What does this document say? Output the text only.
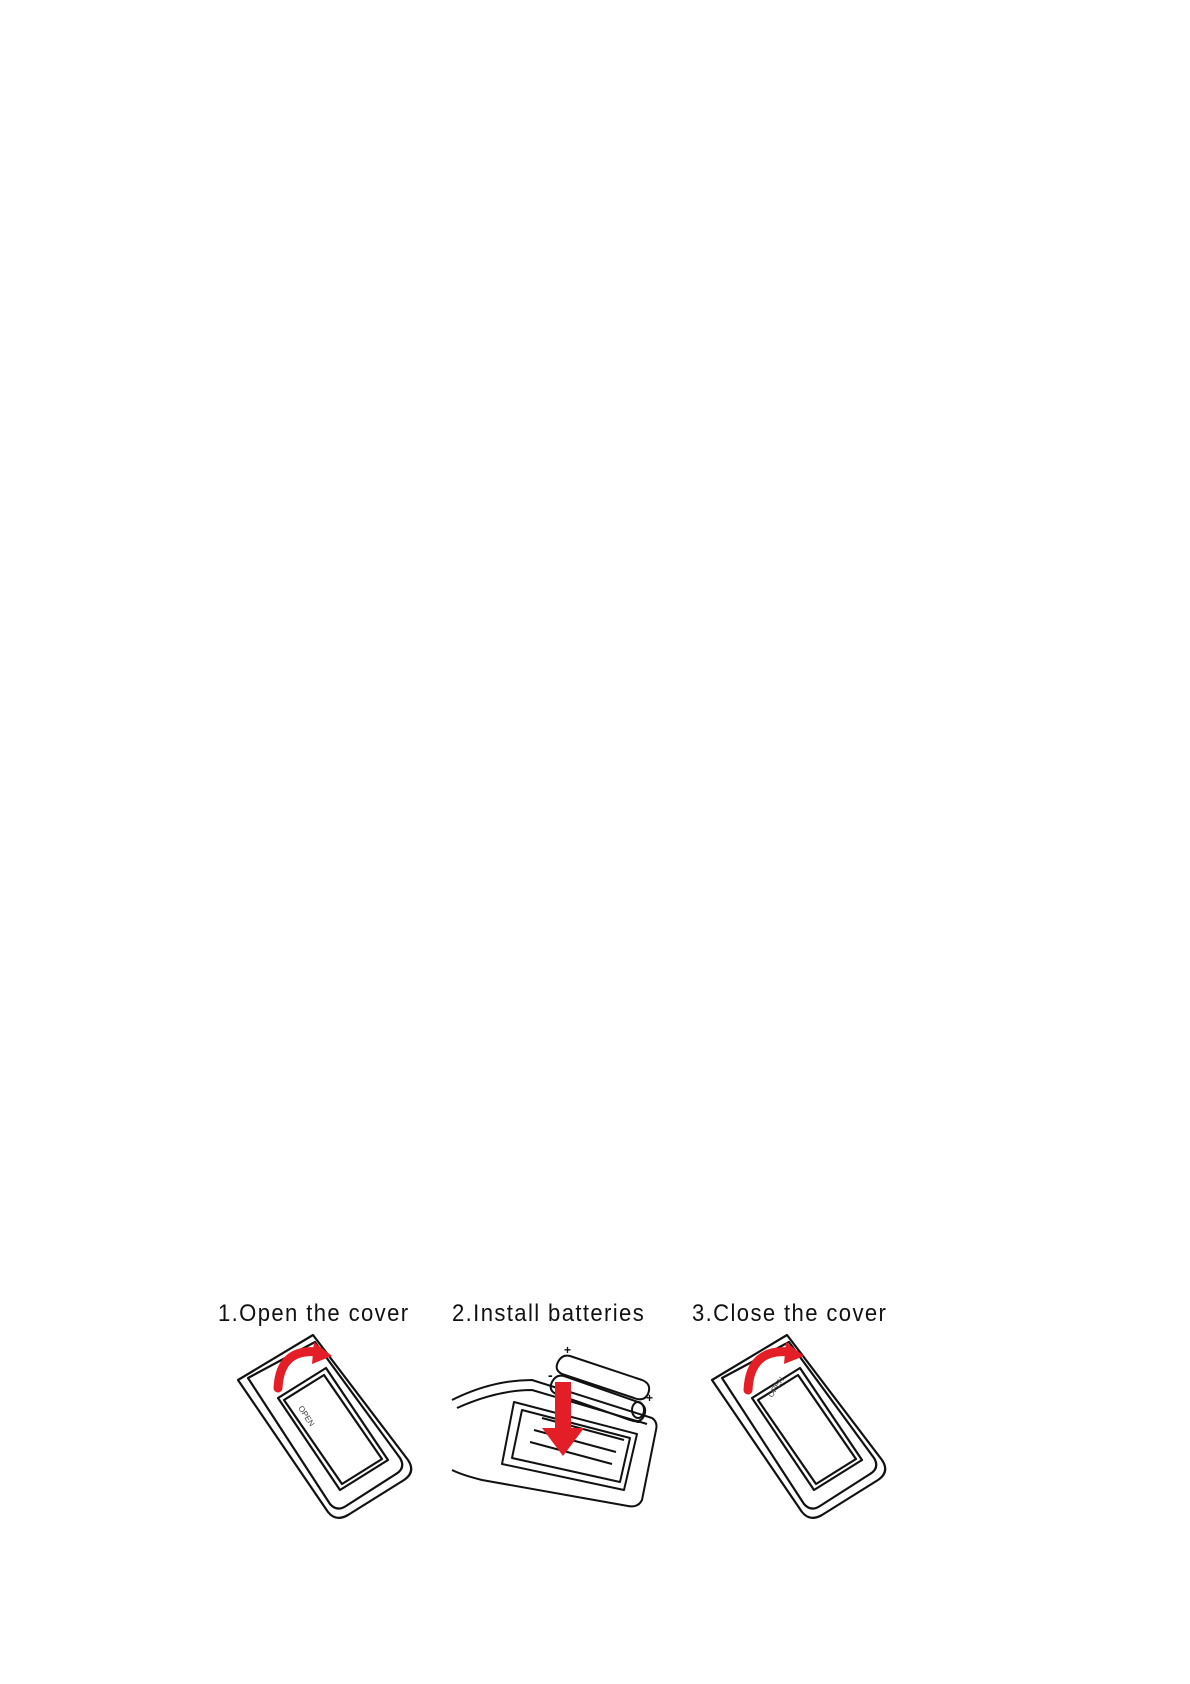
1.Open the cover
OPEN
2.Install batteries
+
-
+
-
3.Close the cover
OPEN
